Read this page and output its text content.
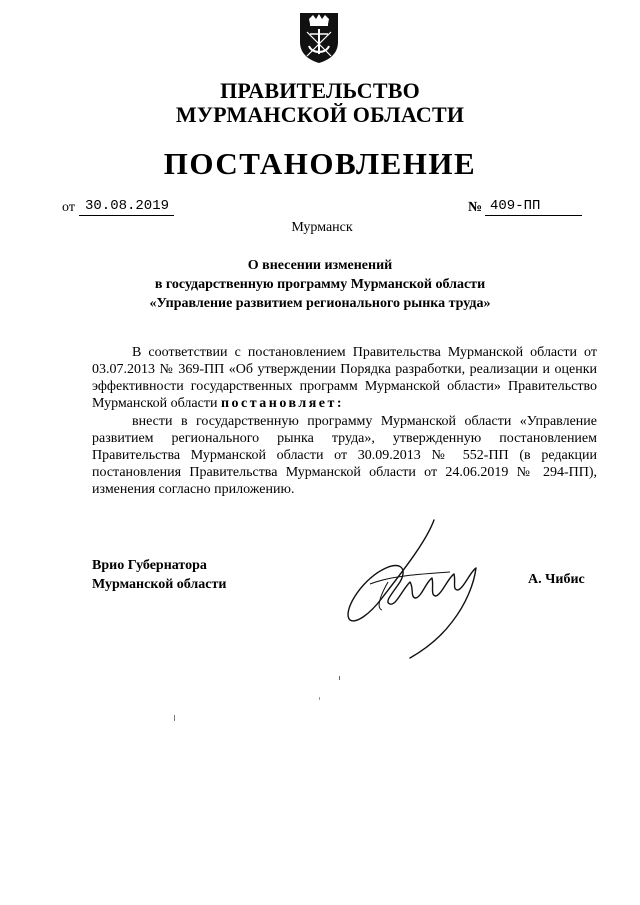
ПРАВИТЕЛЬСТВО
МУРМАНСКОЙ ОБЛАСТИ
ПОСТАНОВЛЕНИЕ
от 30.08.2019	№ 409-ПП
Мурманск
О внесении изменений
в государственную программу Мурманской области
«Управление развитием регионального рынка труда»
В соответствии с постановлением Правительства Мурманской области от 03.07.2013 № 369-ПП «Об утверждении Порядка разработки, реализации и оценки эффективности государственных программ Мурманской области» Правительство Мурманской области постановляет:
внести в государственную программу Мурманской области «Управление развитием регионального рынка труда», утвержденную постановлением Правительства Мурманской области от 30.09.2013 № 552-ПП (в редакции постановления Правительства Мурманской области от 24.06.2019 № 294-ПП), изменения согласно приложению.
Врио Губернатора
Мурманской области	А. Чибис
